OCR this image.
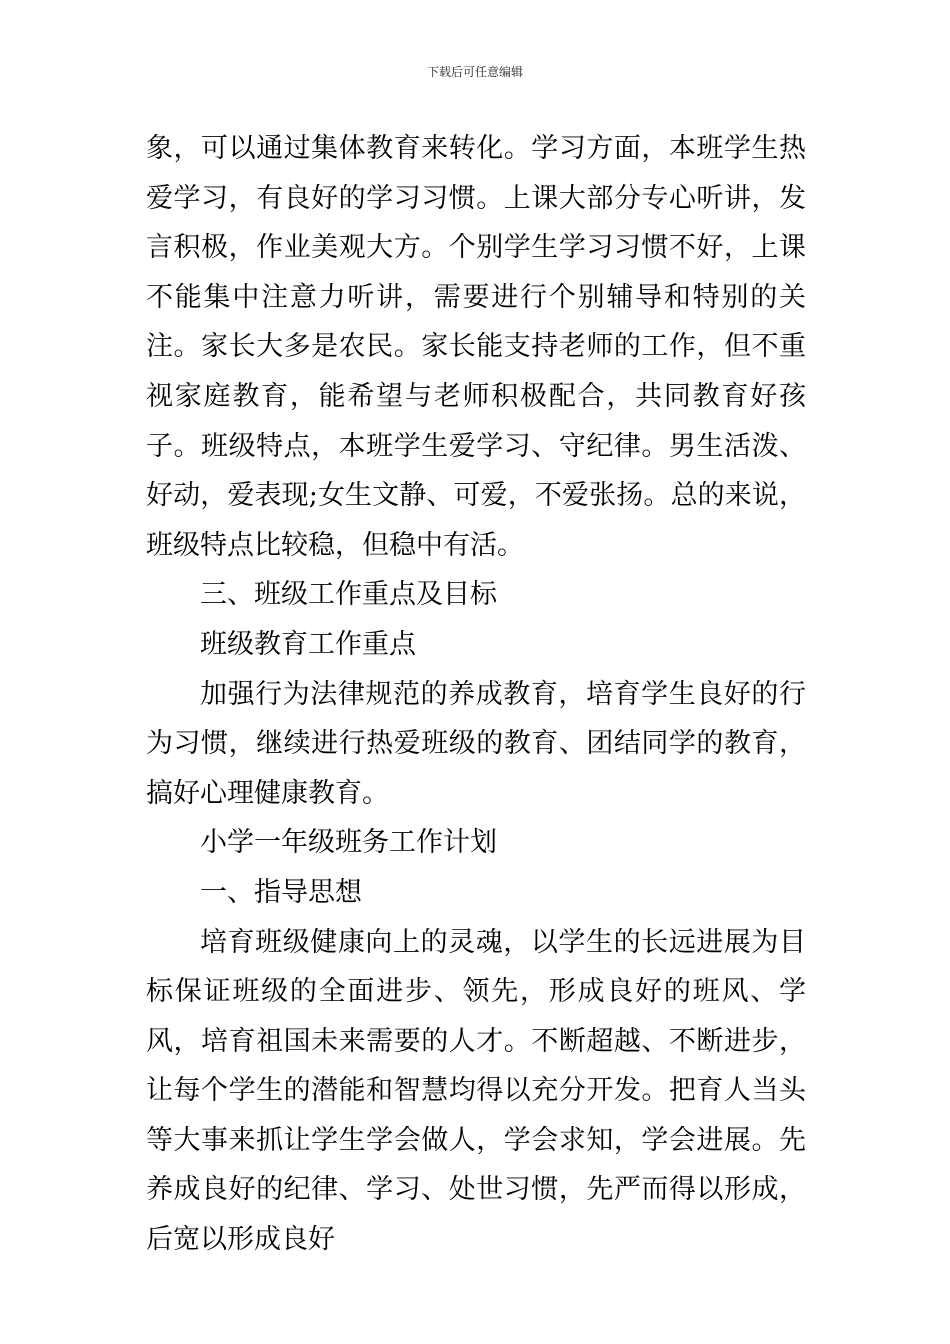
下载后可任意编辑

象，可以通过集体教育来转化。学习方面，本班学生热爱学习，有良好的学习习惯。上课大部分专心听讲，发言积极，作业美观大方。个别学生学习习惯不好，上课不能集中注意力听讲，需要进行个别辅导和特别的关注。家长大多是农民。家长能支持老师的工作，但不重视家庭教育，能希望与老师积极配合，共同教育好孩子。班级特点，本班学生爱学习、守纪律。男生活泼、好动，爱表现;女生文静、可爱，不爱张扬。总的来说，班级特点比较稳，但稳中有活。

三、班级工作重点及目标

班级教育工作重点

加强行为法律规范的养成教育，培育学生良好的行为习惯，继续进行热爱班级的教育、团结同学的教育，搞好心理健康教育。

小学一年级班务工作计划

一、指导思想

培育班级健康向上的灵魂，以学生的长远进展为目标保证班级的全面进步、领先，形成良好的班风、学风，培育祖国未来需要的人才。不断超越、不断进步，让每个学生的潜能和智慧均得以充分开发。把育人当头等大事来抓让学生学会做人，学会求知，学会进展。先养成良好的纪律、学习、处世习惯，先严而得以形成，后宽以形成良好
